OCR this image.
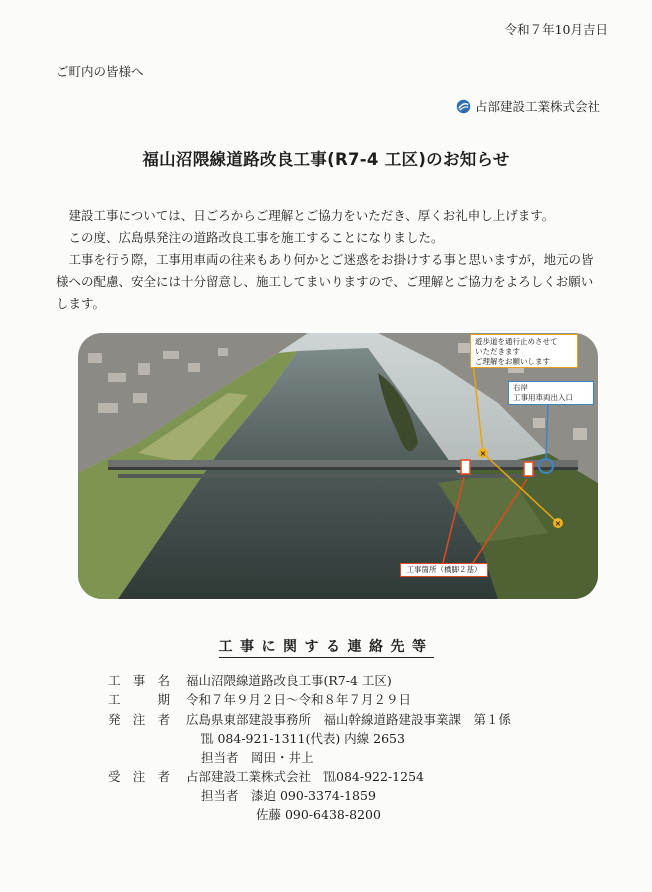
令和７年10月吉日
ご町内の皆様へ
占部建設工業株式会社
福山沼隈線道路改良工事(R7-4 工区)のお知らせ
建設工事については、日ごろからご理解とご協力をいただき、厚くお礼申し上げます。
この度、広島県発注の道路改良工事を施工することになりました。
工事を行う際，工事用車両の往来もあり何かとご迷惑をお掛けする事と思いますが，地元の皆様への配慮、安全には十分留意し、施工してまいりますので、ご理解とご協力をよろしくお願いします。
×
×
遊歩道を通行止めさせて
いただきます
ご理解をお願いします
右岸
工事用車両出入口
工事箇所（橋脚２基）
工事に関する連絡先等
工事名 福山沼隈線道路改良工事(R7-4 工区)
工期 令和７年９月２日～令和８年７月２９日
発注者 広島県東部建設事務所　福山幹線道路建設事業課　第１係
℡ 084-921-1311(代表) 内線 2653
担当者　岡田・井上
受注者 占部建設工業株式会社　℡084-922-1254
担当者　漆迫 090-3374-1859
佐藤 090-6438-8200
